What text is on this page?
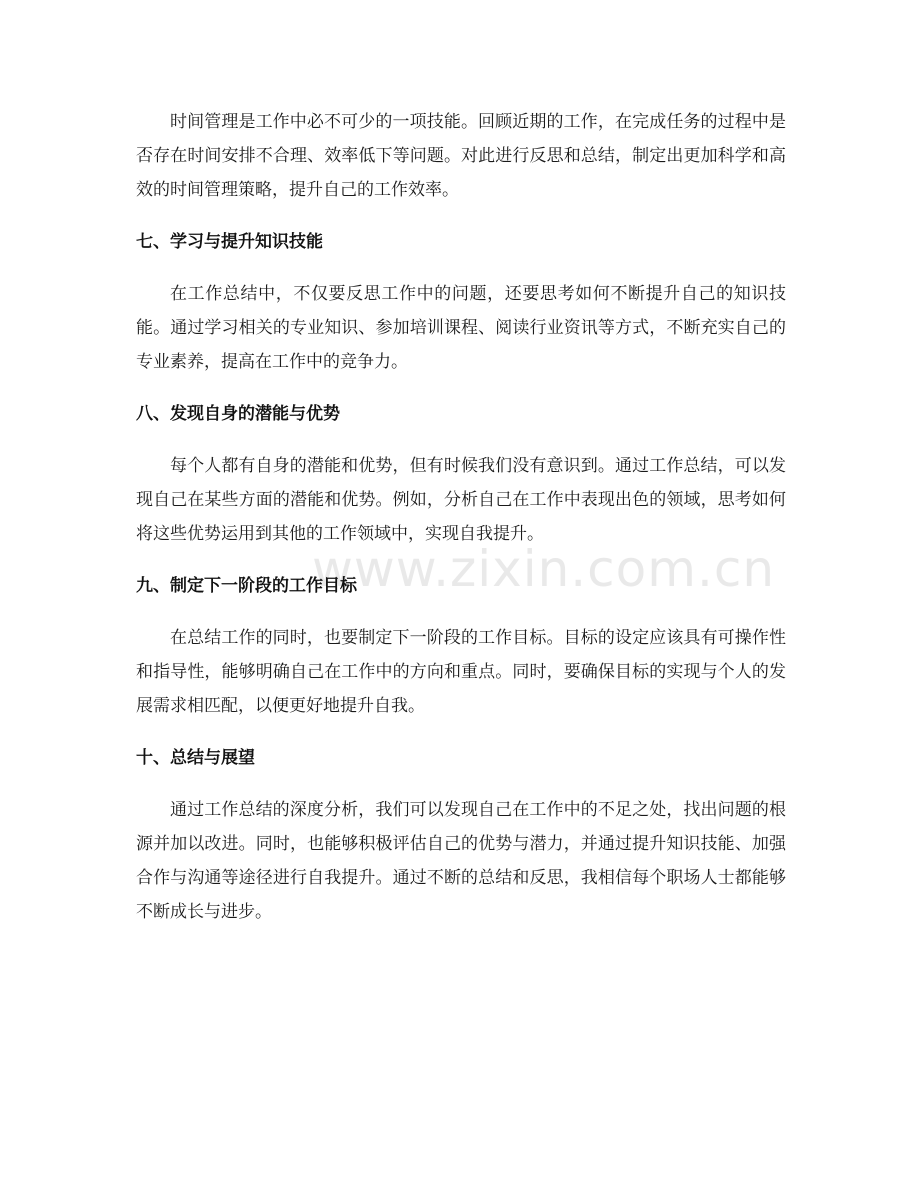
www.zixin.com.cn

时间管理是工作中必不可少的一项技能。回顾近期的工作，在完成任务的过程中是否存在时间安排不合理、效率低下等问题。对此进行反思和总结，制定出更加科学和高效的时间管理策略，提升自己的工作效率。

七、学习与提升知识技能

在工作总结中，不仅要反思工作中的问题，还要思考如何不断提升自己的知识技能。通过学习相关的专业知识、参加培训课程、阅读行业资讯等方式，不断充实自己的专业素养，提高在工作中的竞争力。

八、发现自身的潜能与优势

每个人都有自身的潜能和优势，但有时候我们没有意识到。通过工作总结，可以发现自己在某些方面的潜能和优势。例如，分析自己在工作中表现出色的领域，思考如何将这些优势运用到其他的工作领域中，实现自我提升。

九、制定下一阶段的工作目标

在总结工作的同时，也要制定下一阶段的工作目标。目标的设定应该具有可操作性和指导性，能够明确自己在工作中的方向和重点。同时，要确保目标的实现与个人的发展需求相匹配，以便更好地提升自我。

十、总结与展望

通过工作总结的深度分析，我们可以发现自己在工作中的不足之处，找出问题的根源并加以改进。同时，也能够积极评估自己的优势与潜力，并通过提升知识技能、加强合作与沟通等途径进行自我提升。通过不断的总结和反思，我相信每个职场人士都能够不断成长与进步。
